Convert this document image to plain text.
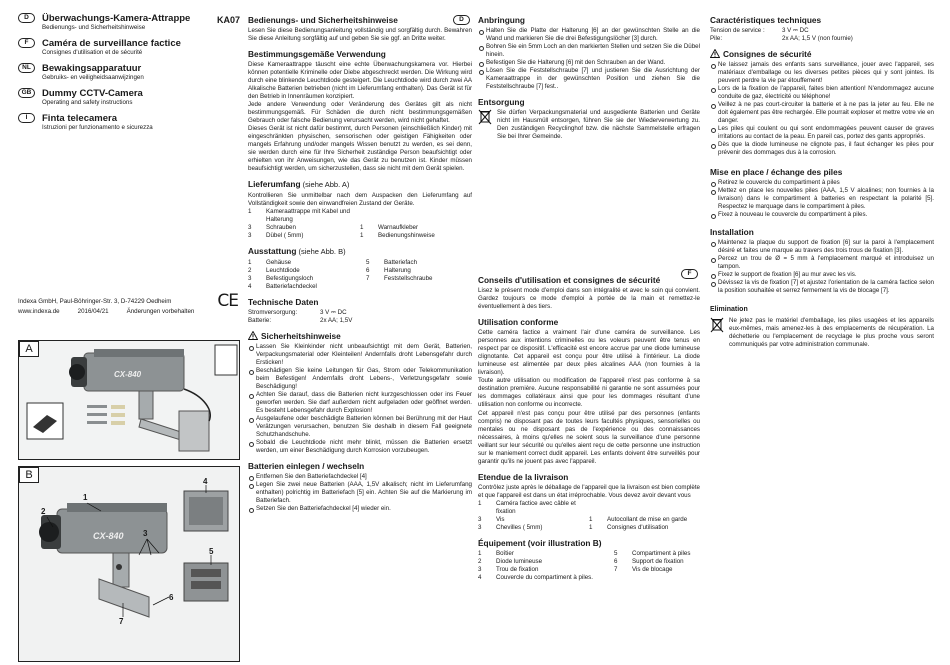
D	Überwachungs-Kamera-Attrappe
Bedienungs- und Sicherheitshinweise
F	Caméra de surveillance factice
Consignes d'utilisation et de sécurité
NL	Bewakingsapparatuur
Gebruiks- en veiligheidsaanwijzingen
GB	Dummy CCTV-Camera
Operating and safety instructions
I	Finta telecamera
Istruzioni per funzionamento e sicurezza
KA07
Indexa GmbH, Paul-Böhringer-Str. 3, D-74229 Oedheim
www.indexa.de	2016/04/21	Änderungen vorbehalten
CE
CX-840
A
CX-840
B
1
2
3
4
5
6
7
D
Bedienungs- und Sicherheitshinweise
Lesen Sie diese Bedienungsanleitung vollständig und sorgfältig durch. Bewahren Sie diese Anleitung sorgfältig auf und geben Sie sie ggf. an Dritte weiter.
Bestimmungsgemäße Verwendung
Diese Kameraattrappe täuscht eine echte Überwachungskamera vor. Hierbei können potentielle Kriminelle oder Diebe abgeschreckt werden. Die Wirkung wird durch eine blinkende Leuchtdiode gesteigert. Die Leuchtdiode wird durch zwei AA Alkalische Batterien betrieben (nicht im Lieferumfang enthalten). Das Gerät ist für den Betrieb in Innenräumen konzipiert.
Jede andere Verwendung oder Veränderung des Gerätes gilt als nicht bestimmungsgemäß. Für Schäden die durch nicht bestimmungsgemäßen Gebrauch oder falsche Bedienung verursacht werden, wird nicht gehaftet.
Dieses Gerät ist nicht dafür bestimmt, durch Personen (einschließlich Kinder) mit eingeschränkten physischen, sensorischen oder geistigen Fähigkeiten oder mangels Erfahrung und/oder mangels Wissen benutzt zu werden, es sei denn, sie werden durch eine für Ihre Sicherheit zuständige Person beaufsichtigt oder erhielten von ihr Anweisungen, wie das Gerät zu benutzen ist. Kinder müssen beaufsichtigt werden, um sicherzustellen, dass sie nicht mit dem Gerät spielen.
Lieferumfang (siehe Abb. A)
Kontrollieren Sie unmittelbar nach dem Auspacken den Lieferumfang auf Vollständigkeit sowie den einwandfreien Zustand der Geräte.
1	Kameraattrappe mit Kabel und Halterung
3	Schrauben	1	Warnaufkleber
3	Dübel ( 5mm)	1	Bedienungshinweise
Ausstattung (siehe Abb. B)
1	Gehäuse	5	Batteriefach
2	Leuchtdiode	6	Halterung
3	Befestigungsloch	7	Feststellschraube
4	Batteriefachdeckel
Technische Daten
Stromversorgung:	3 V ⎓ DC
Batterie:	2x AA; 1,5V
Sicherheitshinweise
Lassen Sie Kleinkinder nicht unbeaufsichtigt mit dem Gerät, Batterien, Verpackungsmaterial oder Kleinteilen! Andernfalls droht Lebensgefahr durch Ersticken!
Beschädigen Sie keine Leitungen für Gas, Strom oder Telekommunikation beim Befestigen! Andernfalls droht Lebens-, Verletzungsgefahr sowie Beschädigung!
Achten Sie darauf, dass die Batterien nicht kurzgeschlossen oder ins Feuer geworfen werden. Sie darf außerdem nicht aufgeladen oder geöffnet werden. Es besteht Lebensgefahr durch Explosion!
Ausgelaufene oder beschädigte Batterien können bei Berührung mit der Haut Verätzungen verursachen, benutzen Sie deshalb in diesem Fall geeignete Schutzhandschuhe.
Sobald die Leuchtdiode nicht mehr blinkt, müssen die Batterien ersetzt werden, um einer Beschädigung durch Korrosion vorzubeugen.
Batterien einlegen / wechseln
Entfernen Sie den Batteriefachdeckel [4]
Legen Sie zwei neue Batterien (AAA, 1,5V alkalisch; nicht im Lieferumfang enthalten) polrichtig im Batteriefach [5] ein. Achten Sie auf die Markierung im Batteriefach.
Setzen Sie den Batteriefachdeckel [4] wieder ein.
Anbringung
Halten Sie die Platte der Halterung [6] an der gewünschten Stelle an die Wand und markieren Sie die drei Befestigungslöcher [3] durch.
Bohren Sie ein 5mm Loch an den markierten Stellen und setzen Sie die Dübel hinein.
Befestigen Sie die Halterung [6] mit den Schrauben an der Wand.
Lösen Sie die Feststellschraube [7] und justieren Sie die Ausrichtung der Kameraattrappe in der gewünschten Position und ziehen Sie die Feststellschraube [7] fest..
Entsorgung
Sie dürfen Verpackungsmaterial und ausgediente Batterien und Geräte nicht im Hausmüll entsorgen, führen Sie sie der Wiederverwertung zu. Den zuständigen Recyclinghof bzw. die nächste Sammelstelle erfragen Sie bei Ihrer Gemeinde.
F
Conseils d'utilisation et consignes de sécurité
Lisez le présent mode d'emploi dans son intégralité et avec le soin qui convient. Gardez toujours ce mode d'emploi à portée de la main et remettez-le éventuellement à des tiers.
Utilisation conforme
Cette caméra factice a vraiment l'air d'une caméra de surveillance. Les personnes aux intentions criminelles ou les voleurs peuvent être tenus en respect par ce dispositif. L'efficacité est encore accrue par une diode lumineuse clignotante. Cet appareil est conçu pour être utilisé à l'intérieur. La diode lumineuse est alimentée par deux piles alcalines AAA (non fournies à la livraison).
Toute autre utilisation ou modification de l'appareil n'est pas conforme à sa destination première. Aucune responsabilité ni garantie ne sont assumées pour les dommages collatéraux ainsi que pour les dommages résultant d'une utilisation non conforme ou incorrecte.
Cet appareil n'est pas conçu pour être utilisé par des personnes (enfants compris) ne disposant pas de toutes leurs facultés physiques, sensorielles ou mentales ou ne disposant pas de l'expérience ou des connaissances nécessaires, à moins qu'elles ne soient sous la surveillance d'une personne veillant sur leur sécurité ou qu'elles aient reçu de cette personne une instruction sur le maniement correct dudit appareil. Les enfants doivent être surveillés pour garantir qu'ils ne jouent pas avec l'appareil.
Etendue de la livraison
Contrôlez juste après le déballage de l'appareil que la livraison est bien complète et que l'appareil est dans un état irréprochable. Vous devez avoir devant vous
1	Caméra factice avec câble et fixation
3	Vis	1	Autocollant de mise en garde
3	Chevilles ( 5mm)	1	Consignes d'utilisation
Équipement (voir illustration B)
1	Boîtier	5	Compartiment à piles
2	Diode lumineuse	6	Support de fixation
3	Trou de fixation	7	Vis de blocage
4	Couvercle du compartiment à piles.
Caractéristiques techniques
Tension de service :	3 V ⎓ DC
Pile:	2x AA; 1,5 V (non fournie)
Consignes de sécurité
Ne laissez jamais des enfants sans surveillance, jouer avec l'appareil, ses matériaux d'emballage ou les diverses petites pièces qui y sont jointes. Ils peuvent perdre la vie par étouffement!
Lors de la fixation de l'appareil, faites bien attention! N'endommagez aucune conduite de gaz, électricité ou téléphone!
Veillez à ne pas court-circuiter la batterie et à ne pas la jeter au feu. Elle ne doit également pas être rechargée. Elle pourrait exploser et mettre votre vie en danger.
Les piles qui coulent ou qui sont endommagées peuvent causer de graves irritations au contact de la peau. En pareil cas, portez des gants appropriés.
Dès que la diode lumineuse ne clignote pas, il faut échanger les piles pour prévenir des dommages dus à la corrosion.
Mise en place / échange des piles
Retirez le couvercle du compartiment à piles
Mettez en place les nouvelles piles (AAA, 1,5 V alcalines; non fournies à la livraison) dans le compartiment à batteries en respectant la polarité [5]. Respectez le marquage dans le compartiment à piles.
Fixez à nouveau le couvercle du compartiment à piles.
Installation
Maintenez la plaque du support de fixation [6] sur la paroi à l'emplacement désiré et faites une marque au travers des trois trous de fixation [3].
Percez un trou de Ø = 5 mm à l'emplacement marqué et introduisez un tampon.
Fixez le support de fixation [6] au mur avec les vis.
Dévissez la vis de fixation [7] et ajustez l'orientation de la caméra factice selon la position souhaitée et serrez fermement la vis de blocage [7].
Elimination
Ne jetez pas le matériel d'emballage, les piles usagées et les appareils eux-mêmes, mais amenez-les à des emplacements de récupération. La déchetterie ou l'emplacement de recyclage le plus proche vous seront communiqués par votre administration communale.
